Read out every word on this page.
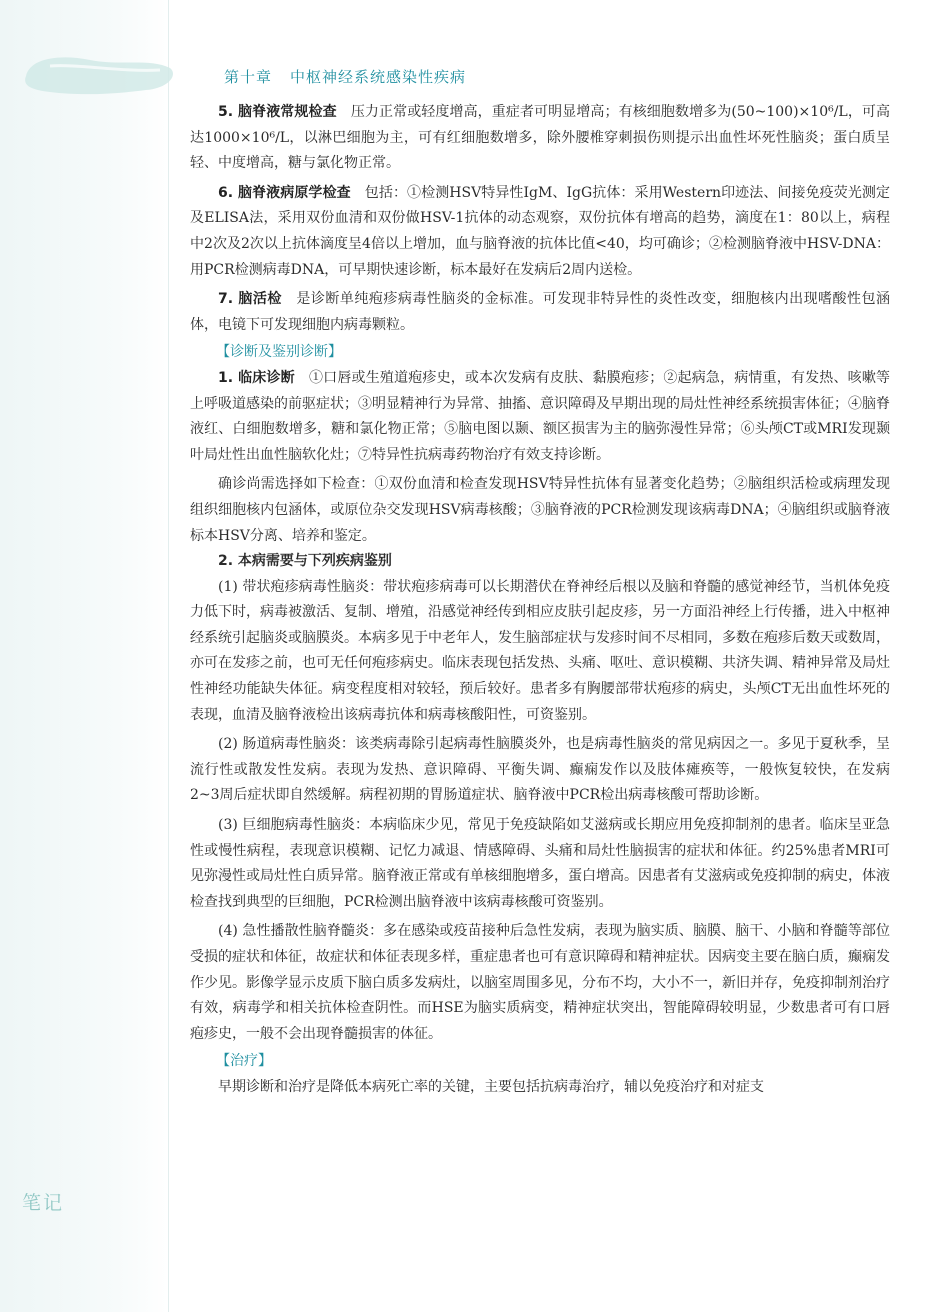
第十章 中枢神经系统感染性疾病

5. 脑脊液常规检查　 压力正常或轻度增高，重症者可明显增高；有核细胞数增多为(50~100)×10⁶/L，可高达1000×10⁶/L，以淋巴细胞为主，可有红细胞数增多，除外腰椎穿刺损伤则提示出血性坏死性脑炎；蛋白质呈轻、中度增高，糖与氯化物正常。

6. 脑脊液病原学检查　 包括：①检测HSV特异性IgM、IgG抗体：采用Western印迹法、间接免疫荧光测定及ELISA法，采用双份血清和双份做HSV-1抗体的动态观察，双份抗体有增高的趋势，滴度在1：80以上，病程中2次及2次以上抗体滴度呈4倍以上增加，血与脑脊液的抗体比值<40，均可确诊；②检测脑脊液中HSV-DNA：用PCR检测病毒DNA，可早期快速诊断，标本最好在发病后2周内送检。

7. 脑活检　 是诊断单纯疱疹病毒性脑炎的金标准。可发现非特异性的炎性改变，细胞核内出现嗜酸性包涵体，电镜下可发现细胞内病毒颗粒。

【诊断及鉴别诊断】

1. 临床诊断　 ①口唇或生殖道疱疹史，或本次发病有皮肤、黏膜疱疹；②起病急，病情重，有发热、咳嗽等上呼吸道感染的前驱症状；③明显精神行为异常、抽搐、意识障碍及早期出现的局灶性神经系统损害体征；④脑脊液红、白细胞数增多，糖和氯化物正常；⑤脑电图以颞、额区损害为主的脑弥漫性异常；⑥头颅CT或MRI发现颞叶局灶性出血性脑软化灶；⑦特异性抗病毒药物治疗有效支持诊断。

确诊尚需选择如下检查：①双份血清和检查发现HSV特异性抗体有显著变化趋势；②脑组织活检或病理发现组织细胞核内包涵体，或原位杂交发现HSV病毒核酸；③脑脊液的PCR检测发现该病毒DNA；④脑组织或脑脊液标本HSV分离、培养和鉴定。

2. 本病需要与下列疾病鉴别

(1) 带状疱疹病毒性脑炎：带状疱疹病毒可以长期潜伏在脊神经后根以及脑和脊髓的感觉神经节，当机体免疫力低下时，病毒被激活、复制、增殖，沿感觉神经传到相应皮肤引起皮疹，另一方面沿神经上行传播，进入中枢神经系统引起脑炎或脑膜炎。本病多见于中老年人，发生脑部症状与发疹时间不尽相同，多数在疱疹后数天或数周，亦可在发疹之前，也可无任何疱疹病史。临床表现包括发热、头痛、呕吐、意识模糊、共济失调、精神异常及局灶性神经功能缺失体征。病变程度相对较轻，预后较好。患者多有胸腰部带状疱疹的病史，头颅CT无出血性坏死的表现，血清及脑脊液检出该病毒抗体和病毒核酸阳性，可资鉴别。

(2) 肠道病毒性脑炎：该类病毒除引起病毒性脑膜炎外，也是病毒性脑炎的常见病因之一。多见于夏秋季，呈流行性或散发性发病。表现为发热、意识障碍、平衡失调、癫痫发作以及肢体瘫痪等，一般恢复较快，在发病2~3周后症状即自然缓解。病程初期的胃肠道症状、脑脊液中PCR检出病毒核酸可帮助诊断。

(3) 巨细胞病毒性脑炎：本病临床少见，常见于免疫缺陷如艾滋病或长期应用免疫抑制剂的患者。临床呈亚急性或慢性病程，表现意识模糊、记忆力减退、情感障碍、头痛和局灶性脑损害的症状和体征。约25%患者MRI可见弥漫性或局灶性白质异常。脑脊液正常或有单核细胞增多，蛋白增高。因患者有艾滋病或免疫抑制的病史，体液检查找到典型的巨细胞，PCR检测出脑脊液中该病毒核酸可资鉴别。

(4) 急性播散性脑脊髓炎：多在感染或疫苗接种后急性发病，表现为脑实质、脑膜、脑干、小脑和脊髓等部位受损的症状和体征，故症状和体征表现多样，重症患者也可有意识障碍和精神症状。因病变主要在脑白质，癫痫发作少见。影像学显示皮质下脑白质多发病灶，以脑室周围多见，分布不均，大小不一，新旧并存，免疫抑制剂治疗有效，病毒学和相关抗体检查阴性。而HSE为脑实质病变，精神症状突出，智能障碍较明显，少数患者可有口唇疱疹史，一般不会出现脊髓损害的体征。

【治疗】

早期诊断和治疗是降低本病死亡率的关键，主要包括抗病毒治疗，辅以免疫治疗和对症支

笔记
